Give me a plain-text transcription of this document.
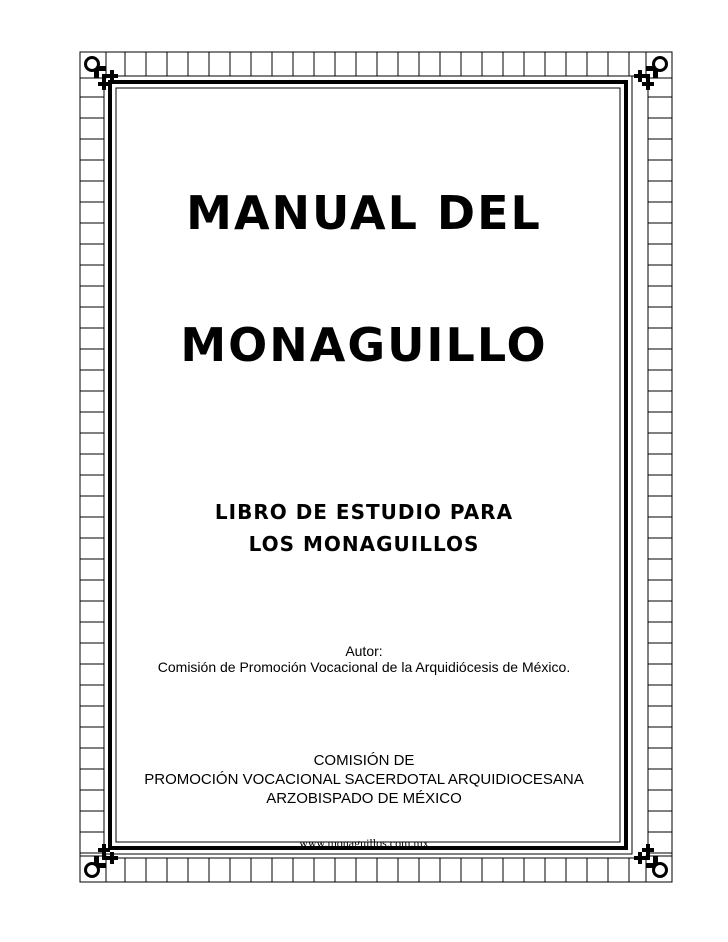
MANUAL DEL
MONAGUILLO
LIBRO DE ESTUDIO PARA
LOS MONAGUILLOS
Autor:
Comisión de Promoción Vocacional de la Arquidiócesis de México.
COMISIÓN DE
PROMOCIÓN VOCACIONAL SACERDOTAL ARQUIDIOCESANA
ARZOBISPADO DE MÉXICO
www.monaguillos.com.mx
